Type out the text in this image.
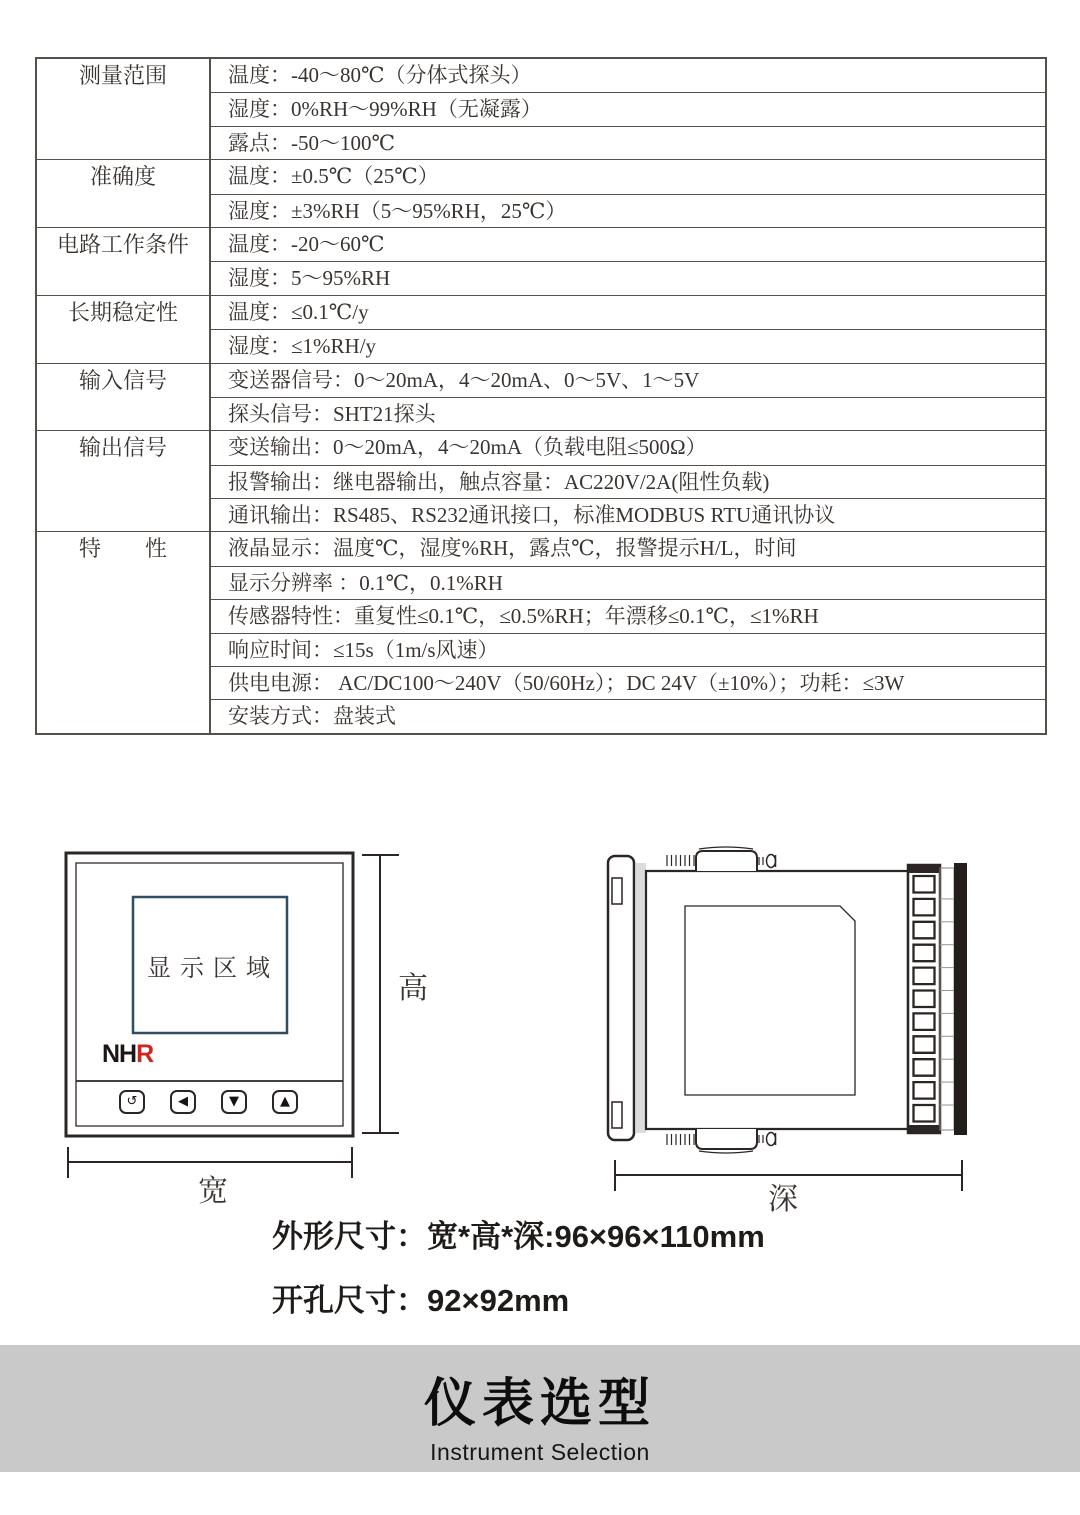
测量范围	温度：-40～80℃（分体式探头）
湿度：0%RH～99%RH（无凝露）
露点：-50～100℃
准确度	温度：±0.5℃（25℃）
湿度：±3%RH（5～95%RH，25℃）
电路工作条件	温度：-20～60℃
湿度：5～95%RH
长期稳定性	温度：≤0.1℃/y
湿度：≤1%RH/y
输入信号	变送器信号：0～20mA，4～20mA、0～5V、1～5V
探头信号：SHT21探头
输出信号	变送输出：0～20mA，4～20mA（负载电阻≤500Ω）
报警输出：继电器输出，触点容量：AC220V/2A(阻性负载)
通讯输出：RS485、RS232通讯接口，标准MODBUS RTU通讯协议
特　　性	液晶显示：温度℃，湿度%RH，露点℃，报警提示H/L，时间
显示分辨率 ：0.1℃，0.1%RH
传感器特性：重复性≤0.1℃，≤0.5%RH；年漂移≤0.1℃，≤1%RH
响应时间：≤15s（1m/s风速）
供电电源： AC/DC100～240V（50/60Hz）；DC 24V（±10%）；功耗：≤3W
安装方式：盘装式
显示区域
NHR
↺	◀	▼	▲
高
宽	深
外形尺寸：宽*高*深:96×96×110mm
开孔尺寸：92×92mm
仪表选型
Instrument Selection
